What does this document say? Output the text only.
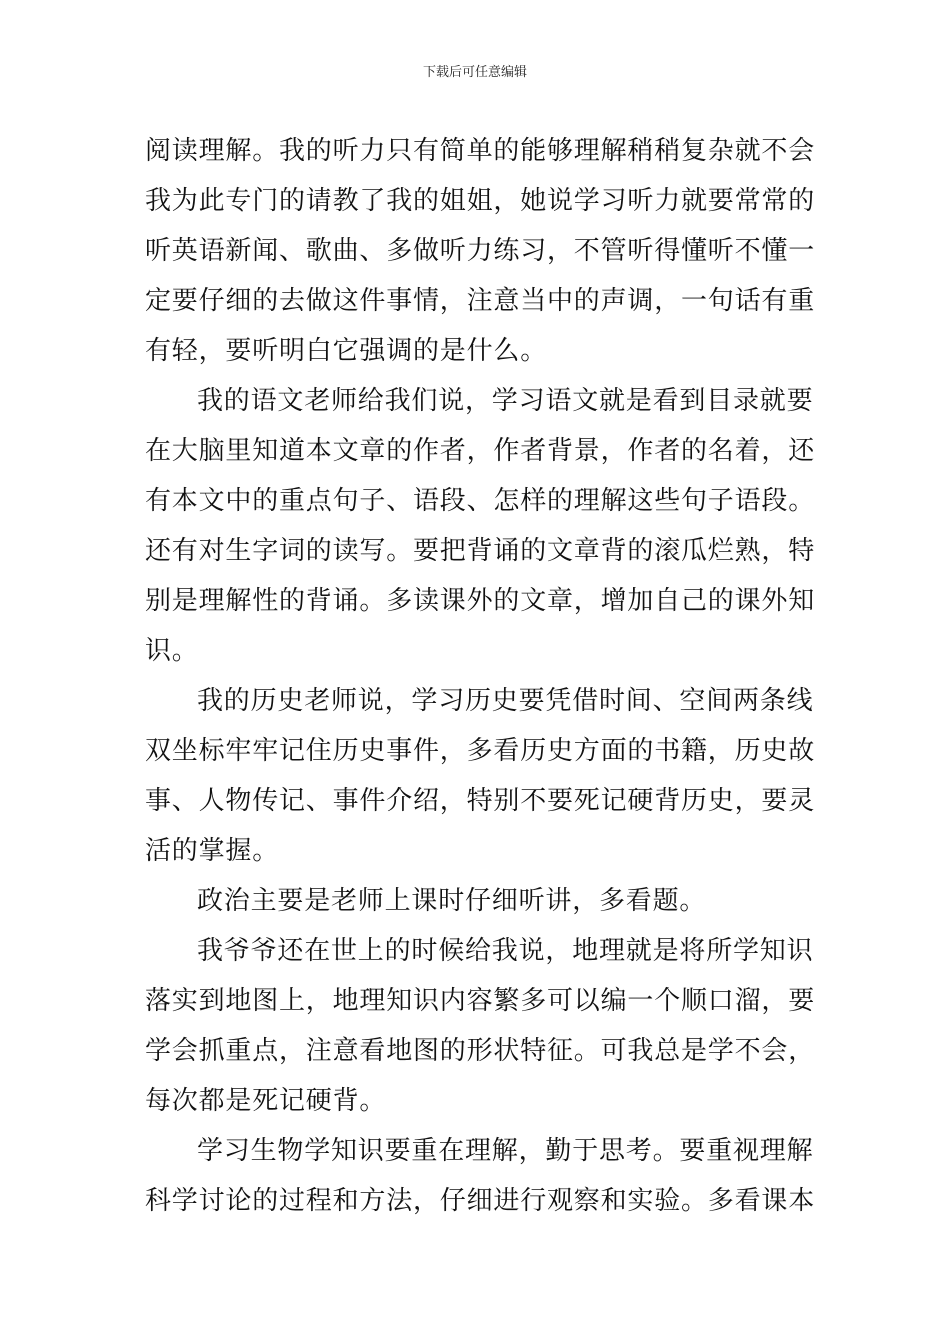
下载后可任意编辑
阅读理解。我的听力只有简单的能够理解稍稍复杂就不会
我为此专门的请教了我的姐姐，她说学习听力就要常常的
听英语新闻、歌曲、多做听力练习，不管听得懂听不懂一
定要仔细的去做这件事情，注意当中的声调，一句话有重
有轻，要听明白它强调的是什么。
我的语文老师给我们说，学习语文就是看到目录就要
在大脑里知道本文章的作者，作者背景，作者的名着，还
有本文中的重点句子、语段、怎样的理解这些句子语段。
还有对生字词的读写。要把背诵的文章背的滚瓜烂熟，特
别是理解性的背诵。多读课外的文章，增加自己的课外知
识。
我的历史老师说，学习历史要凭借时间、空间两条线
双坐标牢牢记住历史事件，多看历史方面的书籍，历史故
事、人物传记、事件介绍，特别不要死记硬背历史，要灵
活的掌握。
政治主要是老师上课时仔细听讲，多看题。
我爷爷还在世上的时候给我说，地理就是将所学知识
落实到地图上，地理知识内容繁多可以编一个顺口溜，要
学会抓重点，注意看地图的形状特征。可我总是学不会，
每次都是死记硬背。
学习生物学知识要重在理解，勤于思考。要重视理解
科学讨论的过程和方法，仔细进行观察和实验。多看课本
